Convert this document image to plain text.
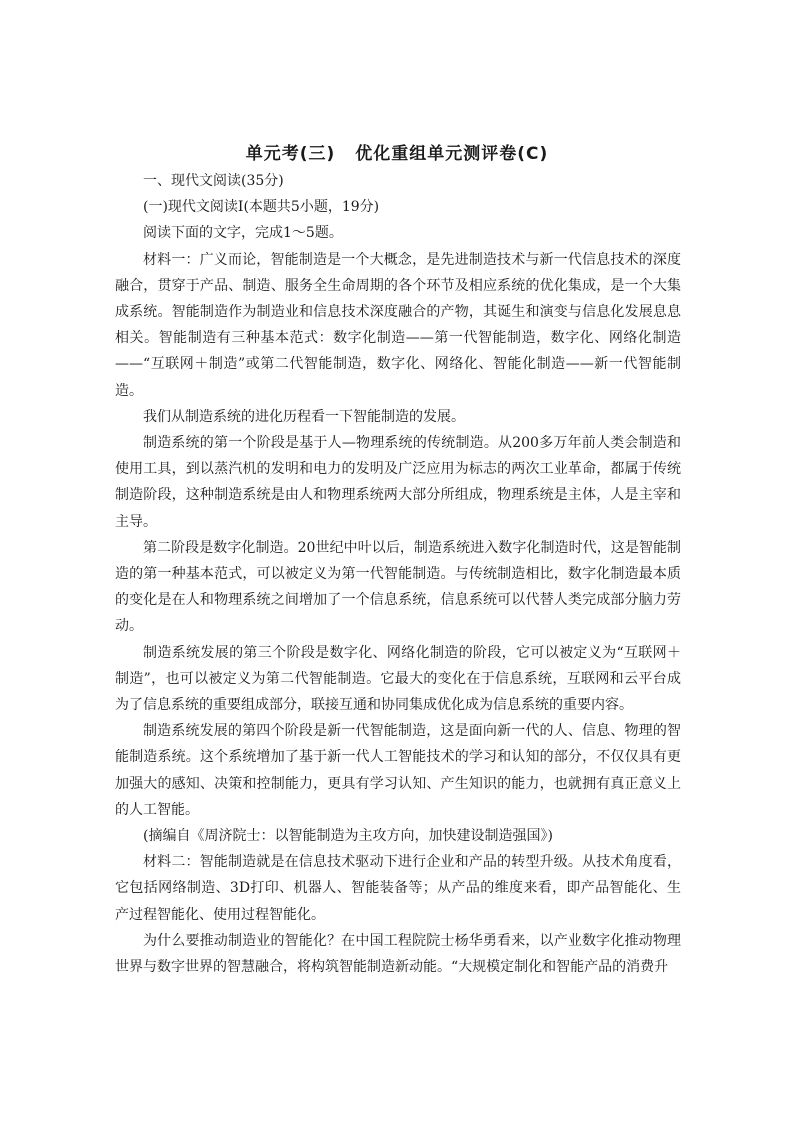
单元考(三) 优化重组单元测评卷(C)

一、现代文阅读(35分)

(一)现代文阅读Ⅰ(本题共5小题，19分)

阅读下面的文字，完成1～5题。

材料一：广义而论，智能制造是一个大概念，是先进制造技术与新一代信息技术的深度融合，贯穿于产品、制造、服务全生命周期的各个环节及相应系统的优化集成，是一个大集成系统。智能制造作为制造业和信息技术深度融合的产物，其诞生和演变与信息化发展息息相关。智能制造有三种基本范式：数字化制造——第一代智能制造，数字化、网络化制造——“互联网＋制造”或第二代智能制造，数字化、网络化、智能化制造——新一代智能制造。

我们从制造系统的进化历程看一下智能制造的发展。

制造系统的第一个阶段是基于人—物理系统的传统制造。从200多万年前人类会制造和使用工具，到以蒸汽机的发明和电力的发明及广泛应用为标志的两次工业革命，都属于传统制造阶段，这种制造系统是由人和物理系统两大部分所组成，物理系统是主体，人是主宰和主导。

第二阶段是数字化制造。20世纪中叶以后，制造系统进入数字化制造时代，这是智能制造的第一种基本范式，可以被定义为第一代智能制造。与传统制造相比，数字化制造最本质的变化是在人和物理系统之间增加了一个信息系统，信息系统可以代替人类完成部分脑力劳动。

制造系统发展的第三个阶段是数字化、网络化制造的阶段，它可以被定义为“互联网＋制造”，也可以被定义为第二代智能制造。它最大的变化在于信息系统，互联网和云平台成为了信息系统的重要组成部分，联接互通和协同集成优化成为信息系统的重要内容。

制造系统发展的第四个阶段是新一代智能制造，这是面向新一代的人、信息、物理的智能制造系统。这个系统增加了基于新一代人工智能技术的学习和认知的部分，不仅仅具有更加强大的感知、决策和控制能力，更具有学习认知、产生知识的能力，也就拥有真正意义上的人工智能。

(摘编自《周济院士：以智能制造为主攻方向，加快建设制造强国》)

材料二：智能制造就是在信息技术驱动下进行企业和产品的转型升级。从技术角度看，它包括网络制造、3D打印、机器人、智能装备等；从产品的维度来看，即产品智能化、生产过程智能化、使用过程智能化。

为什么要推动制造业的智能化？在中国工程院院士杨华勇看来，以产业数字化推动物理世界与数字世界的智慧融合，将构筑智能制造新动能。“大规模定制化和智能产品的消费升
